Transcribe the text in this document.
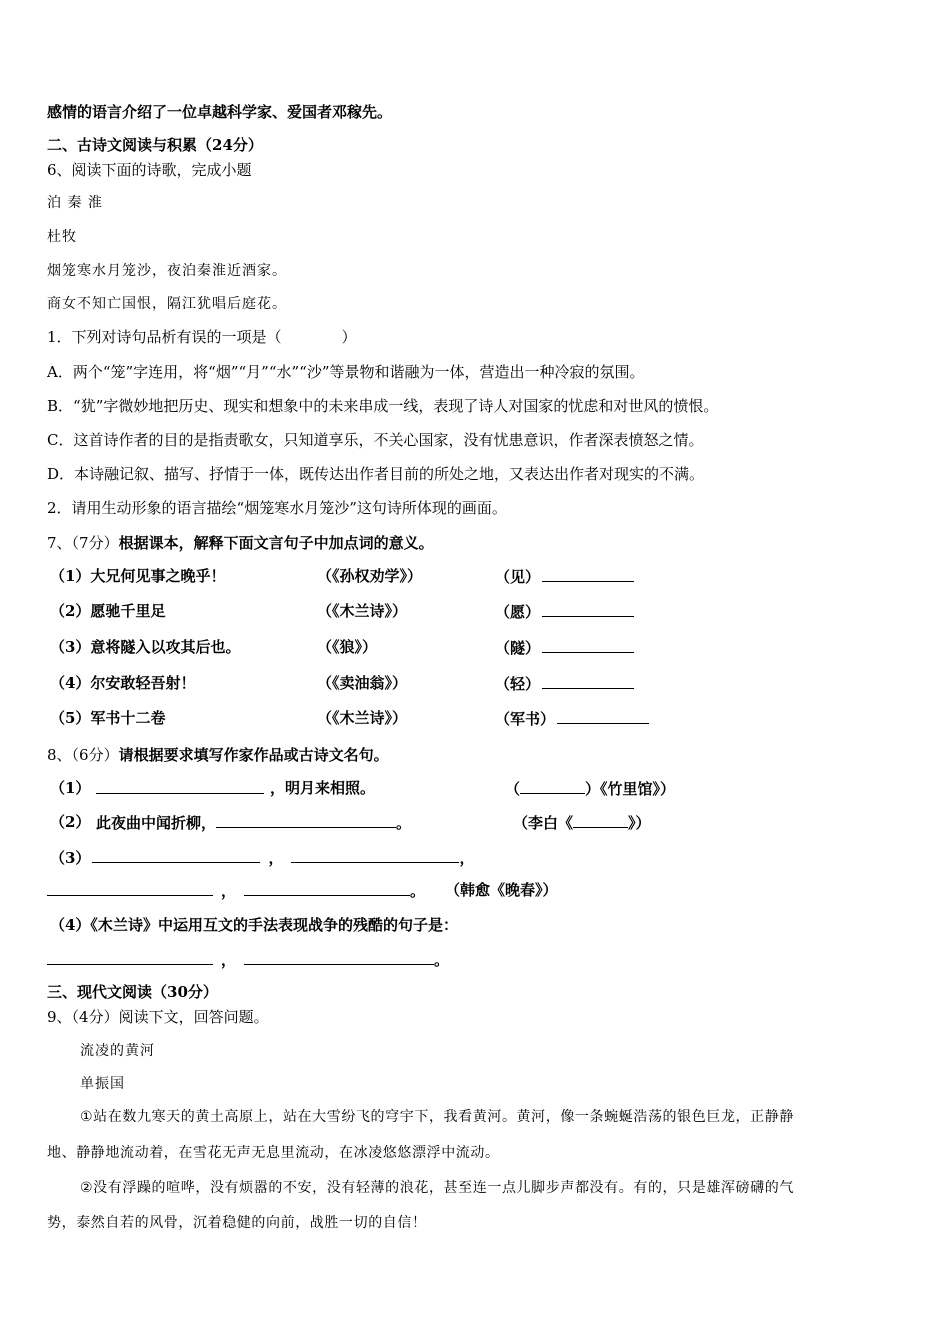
感情的语言介绍了一位卓越科学家、爱国者邓稼先。
二、古诗文阅读与积累（24分）
6、阅读下面的诗歌，完成小题
泊 秦 淮
杜牧
烟笼寒水月笼沙，夜泊秦淮近酒家。
商女不知亡国恨，隔江犹唱后庭花。
1．下列对诗句品析有误的一项是（　　　　）
A．两个“笼”字连用，将“烟”“月”“水”“沙”等景物和谐融为一体，营造出一种冷寂的氛围。
B．“犹”字微妙地把历史、现实和想象中的未来串成一线，表现了诗人对国家的忧虑和对世风的愤恨。
C．这首诗作者的目的是指责歌女，只知道享乐，不关心国家，没有忧患意识，作者深表愤怒之情。
D．本诗融记叙、描写、抒情于一体，既传达出作者目前的所处之地，又表达出作者对现实的不满。
2．请用生动形象的语言描绘“烟笼寒水月笼沙”这句诗所体现的画面。
7、（7分）根据课本，解释下面文言句子中加点词的意义。
（1）大兄何见事之晚乎！	（《孙权劝学》）	（见）
（2）愿驰千里足	（《木兰诗》）	（愿）
（3）意将隧入以攻其后也。	（《狼》）	（隧）
（4）尔安敢轻吾射！	（《卖油翁》）	（轻）
（5）军书十二卷	（《木兰诗》）	（军书）
8、（6分）请根据要求填写作家作品或古诗文名句。
（1）	，明月来相照。	（	）《竹里馆》）
（2） 此夜曲中闻折柳，	。	（李白《	》）
（3）	，	，
，	。 （韩愈《晚春》）
（4）《木兰诗》中运用互文的手法表现战争的残酷的句子是：
，	。
三、现代文阅读（30分）
9、（4分）阅读下文，回答问题。
流凌的黄河
单振国
①站在数九寒天的黄土高原上，站在大雪纷飞的穹宇下，我看黄河。黄河，像一条蜿蜒浩荡的银色巨龙，正静静
地、静静地流动着，在雪花无声无息里流动，在冰凌悠悠漂浮中流动。
②没有浮躁的喧哗，没有烦嚣的不安，没有轻薄的浪花，甚至连一点儿脚步声都没有。有的，只是雄浑磅礴的气
势，泰然自若的风骨，沉着稳健的向前，战胜一切的自信！
